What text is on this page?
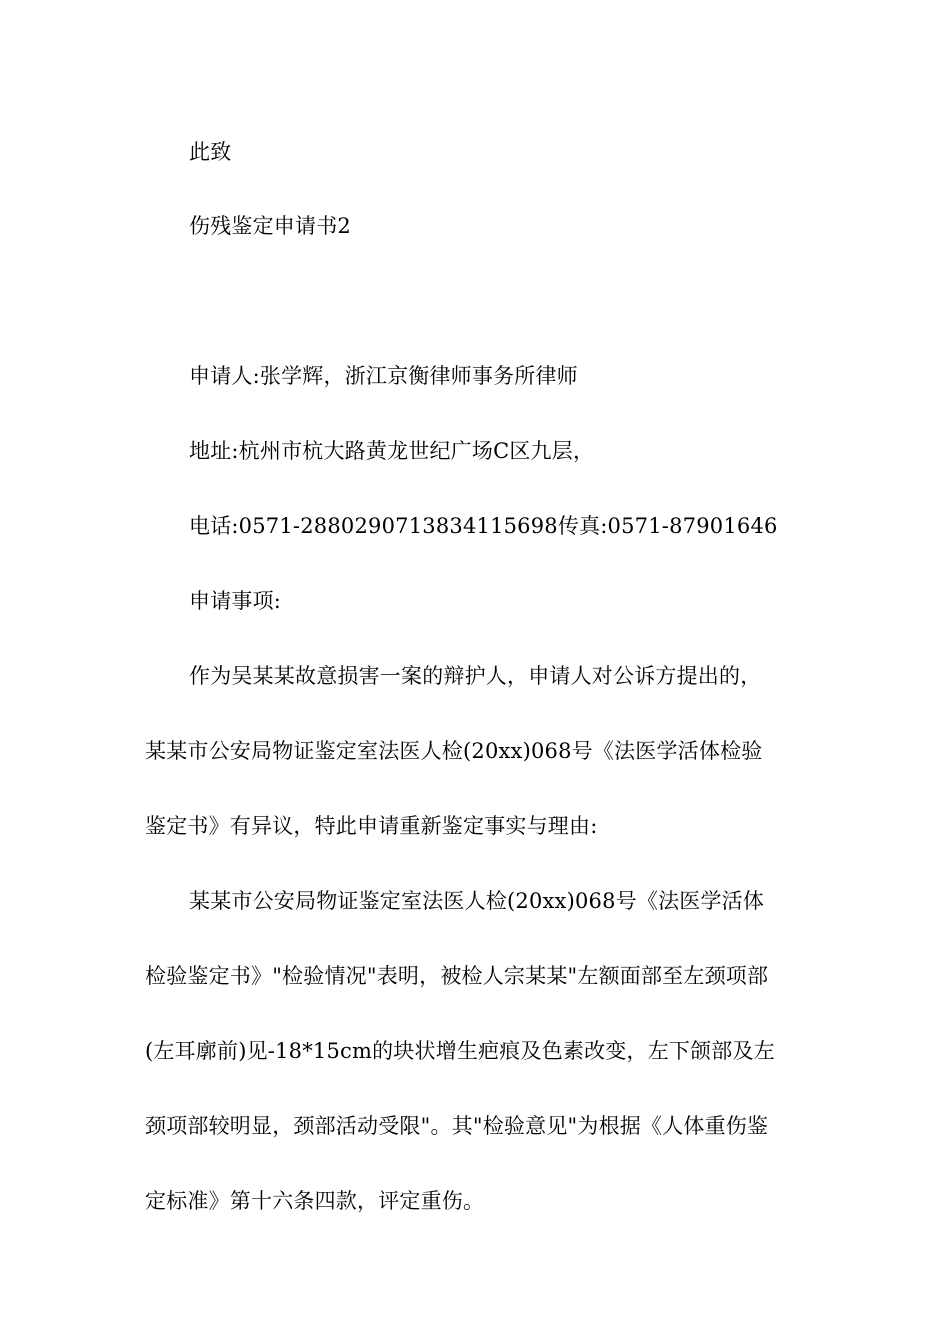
此致
伤残鉴定申请书2
申请人:张学辉，浙江京衡律师事务所律师
地址:杭州市杭大路黄龙世纪广场C区九层，
电话:0571-2880290713834115698传真:0571-87901646
申请事项:
作为吴某某故意损害一案的辩护人，申请人对公诉方提出的，
某某市公安局物证鉴定室法医人检(20xx)068号《法医学活体检验
鉴定书》有异议，特此申请重新鉴定事实与理由:
某某市公安局物证鉴定室法医人检(20xx)068号《法医学活体
检验鉴定书》"检验情况"表明，被检人宗某某"左额面部至左颈项部
(左耳廓前)见-18*15cm的块状增生疤痕及色素改变，左下颌部及左
颈项部较明显，颈部活动受限"。其"检验意见"为根据《人体重伤鉴
定标准》第十六条四款，评定重伤。
